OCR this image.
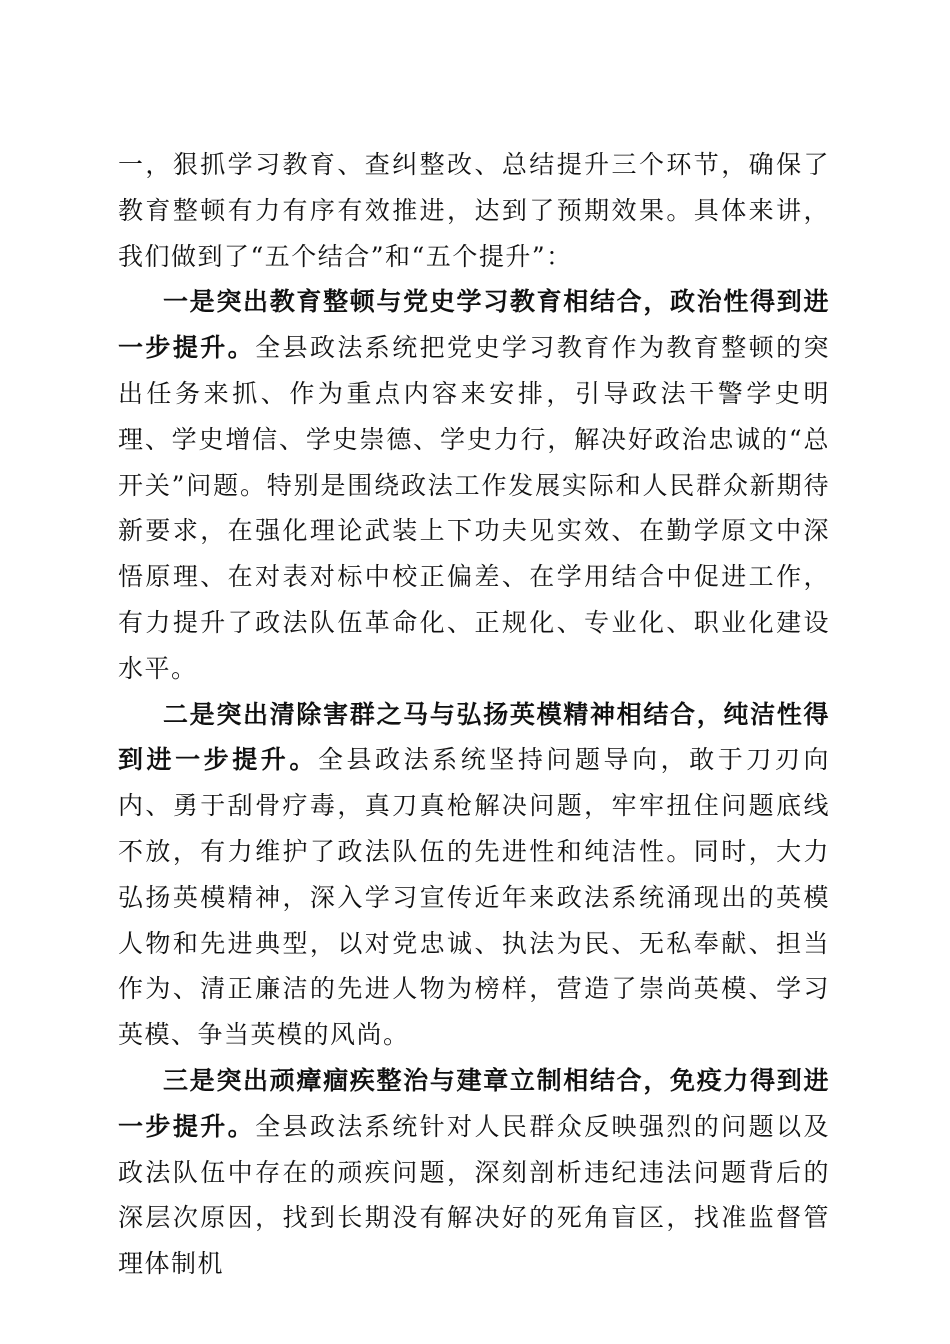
一，狠抓学习教育、查纠整改、总结提升三个环节，确保了教育整顿有力有序有效推进，达到了预期效果。具体来讲，我们做到了“五个结合”和“五个提升”：

一是突出教育整顿与党史学习教育相结合，政治性得到进一步提升。全县政法系统把党史学习教育作为教育整顿的突出任务来抓、作为重点内容来安排，引导政法干警学史明理、学史增信、学史崇德、学史力行，解决好政治忠诚的“总开关”问题。特别是围绕政法工作发展实际和人民群众新期待新要求，在强化理论武装上下功夫见实效、在勤学原文中深悟原理、在对表对标中校正偏差、在学用结合中促进工作，有力提升了政法队伍革命化、正规化、专业化、职业化建设水平。

二是突出清除害群之马与弘扬英模精神相结合，纯洁性得到进一步提升。全县政法系统坚持问题导向，敢于刀刃向内、勇于刮骨疗毒，真刀真枪解决问题，牢牢扭住问题底线不放，有力维护了政法队伍的先进性和纯洁性。同时，大力弘扬英模精神，深入学习宣传近年来政法系统涌现出的英模人物和先进典型，以对党忠诚、执法为民、无私奉献、担当作为、清正廉洁的先进人物为榜样，营造了崇尚英模、学习英模、争当英模的风尚。

三是突出顽瘴痼疾整治与建章立制相结合，免疫力得到进一步提升。全县政法系统针对人民群众反映强烈的问题以及政法队伍中存在的顽疾问题，深刻剖析违纪违法问题背后的深层次原因，找到长期没有解决好的死角盲区，找准监督管理体制机
